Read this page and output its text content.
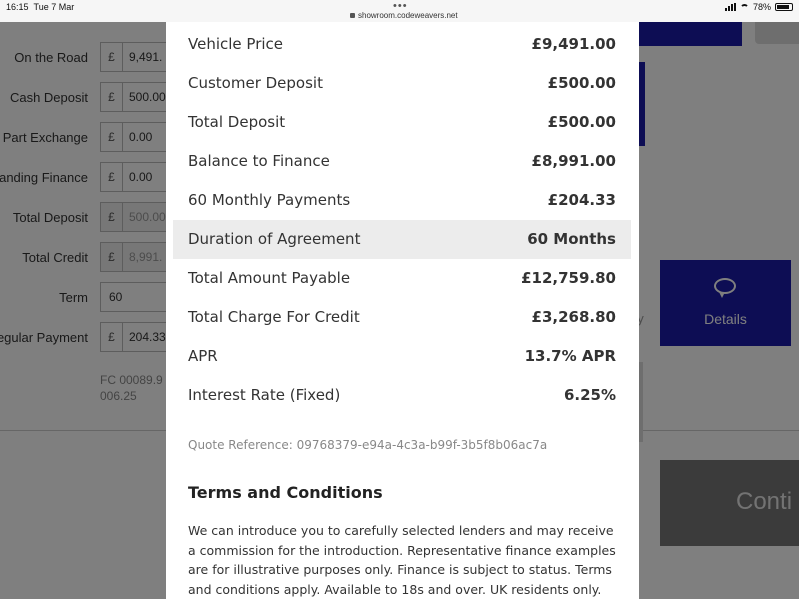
16:15 Tue 7 Mar	•••
showroom.codeweavers.net
78%
Vehicle Price	£9,491.00
Customer Deposit	£500.00
Total Deposit	£500.00
Balance to Finance	£8,991.00
60 Monthly Payments	£204.33
Duration of Agreement	60 Months
Total Amount Payable	£12,759.80
Total Charge For Credit	£3,268.80
APR	13.7% APR
Interest Rate (Fixed)	6.25%
Quote Reference: 09768379-e94a-4c3a-b99f-3b5f8b06ac7a
Terms and Conditions
We can introduce you to carefully selected lenders and may receive a commission for the introduction. Representative finance examples are for illustrative purposes only. Finance is subject to status. Terms and conditions apply. Available to 18s and over. UK residents only.
